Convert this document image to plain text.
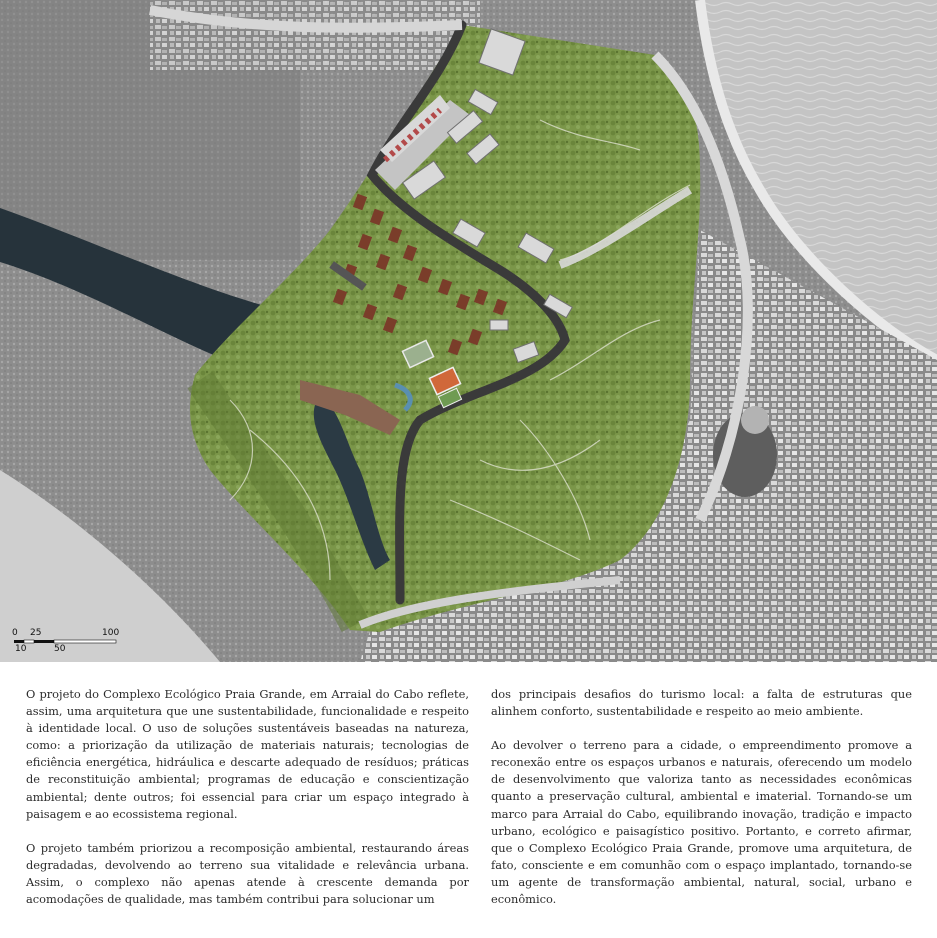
0 25	100
10	50

O projeto do Complexo Ecológico Praia Grande, em Arraial do Cabo reflete, assim, uma arquitetura que une sustentabilidade, funcionalidade e respeito à identidade local. O uso de soluções sustentáveis baseadas na natureza, como: a priorização da utilização de materiais naturais; tecnologias de eficiência energética, hidráulica e descarte adequado de resíduos; práticas de reconstituição ambiental; programas de educação e conscientização ambiental; dente outros; foi essencial para criar um espaço integrado à paisagem e ao ecossistema regional.

O projeto também priorizou a recomposição ambiental, restaurando áreas degradadas, devolvendo ao terreno sua vitalidade e relevância urbana. Assim, o complexo não apenas atende à crescente demanda por acomodações de qualidade, mas também contribui para solucionar um

dos principais desafios do turismo local: a falta de estruturas que alinhem conforto, sustentabilidade e respeito ao meio ambiente.

Ao devolver o terreno para a cidade, o empreendimento promove a reconexão entre os espaços urbanos e naturais, oferecendo um modelo de desenvolvimento que valoriza tanto as necessidades econômicas quanto a preservação cultural, ambiental e imaterial. Tornando-se um marco para Arraial do Cabo, equilibrando inovação, tradição e impacto urbano, ecológico e paisagístico positivo. Portanto, e correto afirmar, que o Complexo Ecológico Praia Grande, promove uma arquitetura, de fato, consciente e em comunhão com o espaço implantado, tornando-se um agente de transformação ambiental, natural, social, urbano e econômico.
